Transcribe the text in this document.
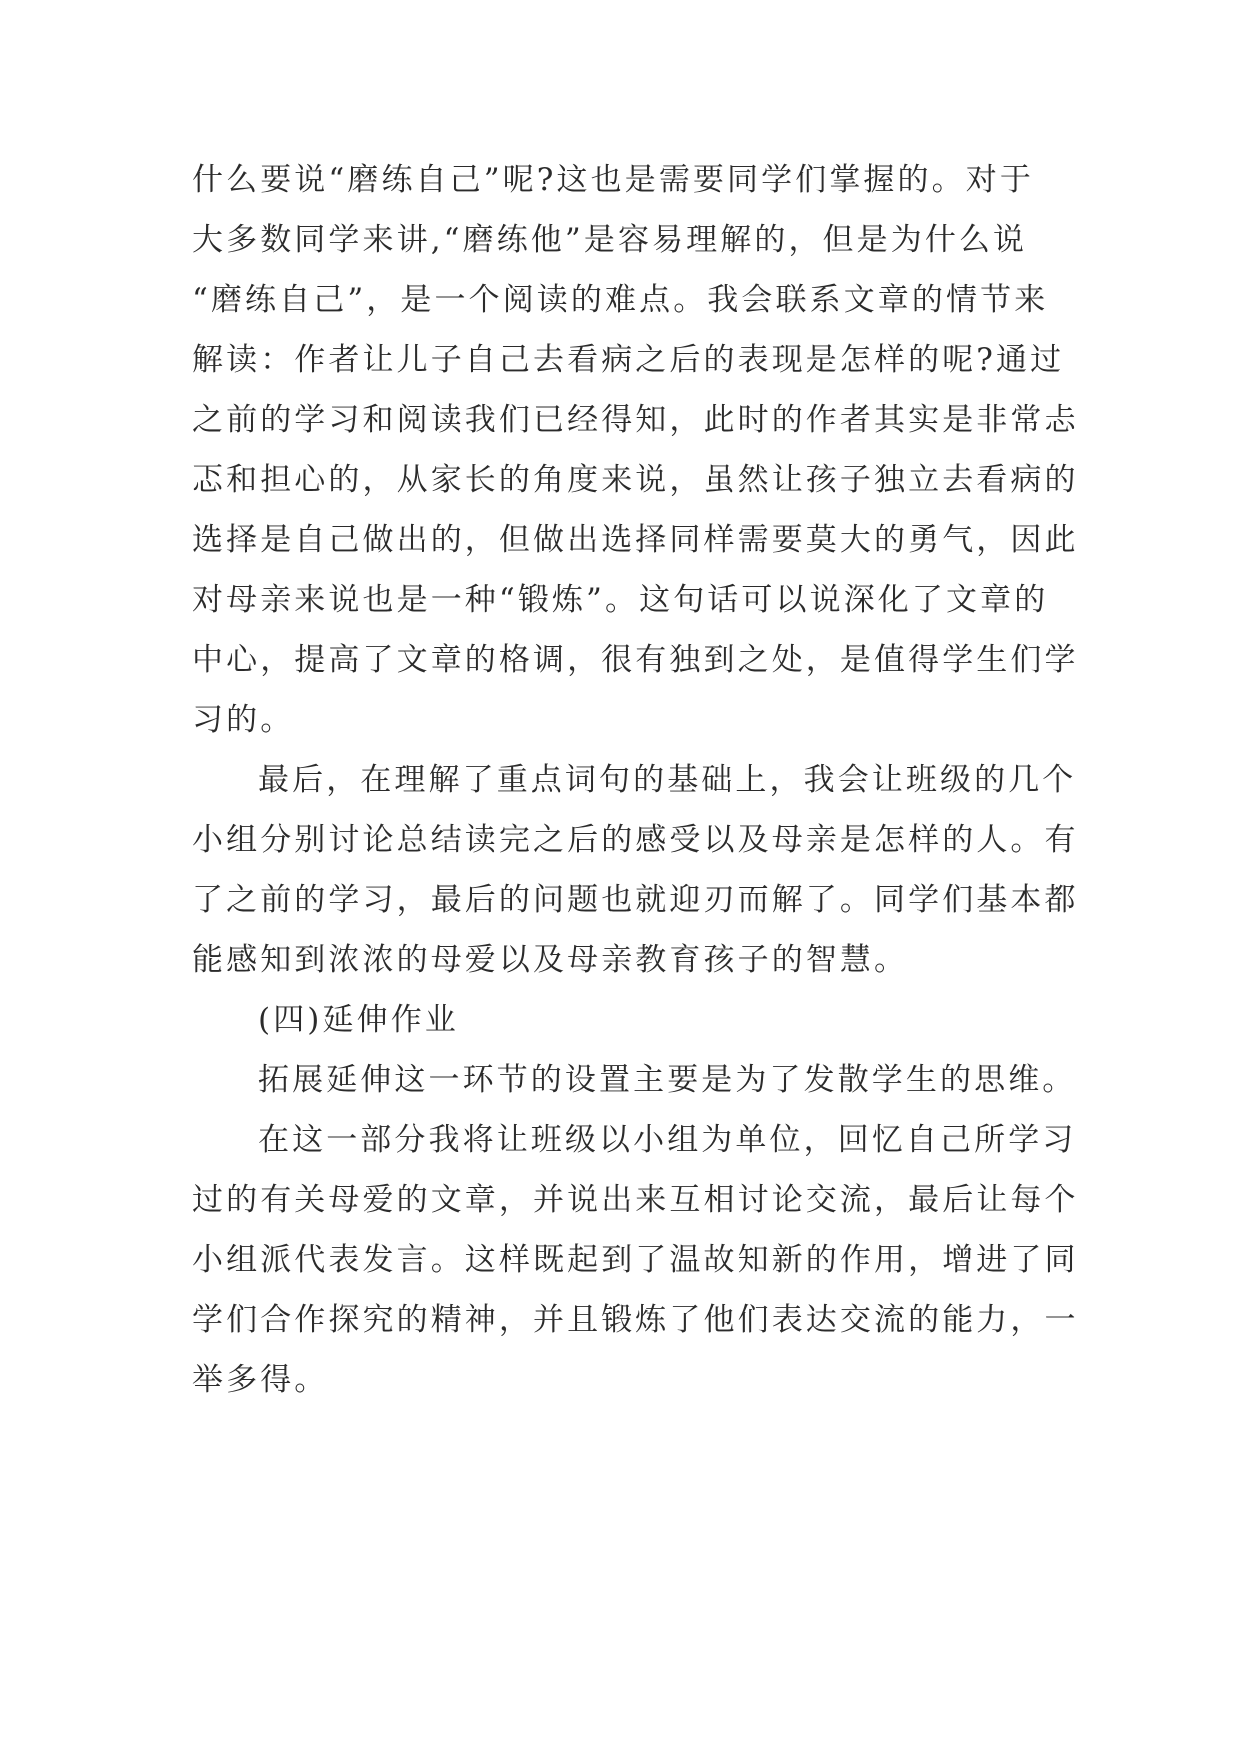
什么要说“磨练自己”呢?这也是需要同学们掌握的。对于
大多数同学来讲,“磨练他”是容易理解的，但是为什么说
“磨练自己”，是一个阅读的难点。我会联系文章的情节来
解读：作者让儿子自己去看病之后的表现是怎样的呢?通过
之前的学习和阅读我们已经得知，此时的作者其实是非常忐
忑和担心的，从家长的角度来说，虽然让孩子独立去看病的
选择是自己做出的，但做出选择同样需要莫大的勇气，因此
对母亲来说也是一种“锻炼”。这句话可以说深化了文章的
中心，提高了文章的格调，很有独到之处，是值得学生们学
习的。
最后，在理解了重点词句的基础上，我会让班级的几个
小组分别讨论总结读完之后的感受以及母亲是怎样的人。有
了之前的学习，最后的问题也就迎刃而解了。同学们基本都
能感知到浓浓的母爱以及母亲教育孩子的智慧。
(四)延伸作业
拓展延伸这一环节的设置主要是为了发散学生的思维。
在这一部分我将让班级以小组为单位，回忆自己所学习
过的有关母爱的文章，并说出来互相讨论交流，最后让每个
小组派代表发言。这样既起到了温故知新的作用，增进了同
学们合作探究的精神，并且锻炼了他们表达交流的能力，一
举多得。
